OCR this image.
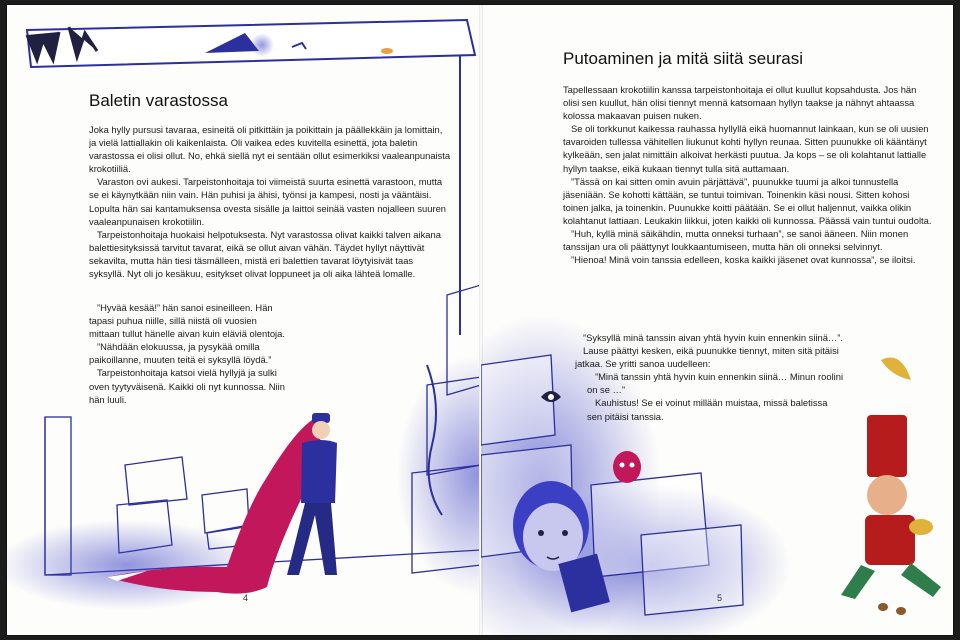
Baletin varastossa

Joka hylly pursusi tavaraa, esineitä oli pitkittäin ja poikittain ja päällekkäin ja lomittain, ja vielä lattiallakin oli kaikenlaista. Oli vaikea edes kuvitella esinettä, jota baletin varastossa ei olisi ollut. No, ehkä siellä nyt ei sentään ollut esimerkiksi vaaleanpunaista krokotiiliä.

Varaston ovi aukesi. Tarpeistonhoitaja toi viimeistä suurta esinettä varastoon, mutta se ei käynytkään niin vain. Hän puhisi ja ähisi, työnsi ja kampesi, nosti ja vääntäisi. Lopulta hän sai kantamuksensa ovesta sisälle ja laittoi seinää vasten nojalleen suuren vaaleanpunaisen krokotiilin.

Tarpeistonhoitaja huokaisi helpotuksesta. Nyt varastossa olivat kaikki talven aikana balettiesityksissä tarvitut tavarat, eikä se ollut aivan vähän. Täydet hyllyt näyttivät sekavilta, mutta hän tiesi täsmälleen, mistä eri balettien tavarat löytyisivät taas syksyllä. Nyt oli jo kesäkuu, esitykset olivat loppuneet ja oli aika lähteä lomalle.

”Hyvää kesää!” hän sanoi esineilleen. Hän tapasi puhua niille, sillä niistä oli vuosien mittaan tullut hänelle aivan kuin eläviä olentoja.

”Nähdään elokuussa, ja pysykää omilla paikoillanne, muuten teitä ei syksyllä löydä.”

Tarpeistonhoitaja katsoi vielä hyllyjä ja sulki oven tyytyväisenä. Kaikki oli nyt kunnossa. Niin hän luuli.

4
Putoaminen ja mitä siitä seurasi

Tapellessaan krokotiilin kanssa tarpeistonhoitaja ei ollut kuullut kopsahdusta. Jos hän olisi sen kuullut, hän olisi tiennyt mennä katsomaan hyllyn taakse ja nähnyt ahtaassa kolossa makaavan puisen nuken.

Se oli torkkunut kaikessa rauhassa hyllyllä eikä huomannut lainkaan, kun se oli uusien tavaroiden tullessa vähitellen liukunut kohti hyllyn reunaa. Sitten puunukke oli kääntänyt kylkeään, sen jalat nimittäin alkoivat herkästi puutua. Ja kops – se oli kolahtanut lattialle hyllyn taakse, eikä kukaan tiennyt tulla sitä auttamaan.

”Tässä on kai sitten omin avuin pärjättävä”, puunukke tuumi ja alkoi tunnustella jäseniään. Se kohotti kättään, se tuntui toimivan. Toinenkin käsi nousi. Sitten kohosi toinen jalka, ja toinenkin. Puunukke koitti päätään. Se ei ollut haljennut, vaikka olikin kolahtanut lattiaan. Leukakin liikkui, joten kaikki oli kunnossa. Päässä vain tuntui oudolta.

”Huh, kyllä minä säikähdin, mutta onneksi turhaan”, se sanoi ääneen. Niin monen tanssijan ura oli päättynyt loukkaantumiseen, mutta hän oli onneksi selvinnyt.

”Hienoa! Minä voin tanssia edelleen, koska kaikki jäsenet ovat kunnossa”, se iloitsi.

”Syksyllä minä tanssin aivan yhtä hyvin kuin ennenkin siinä…”.

Lause päättyi kesken, eikä puunukke tiennyt, miten sitä pitäisi jatkaa. Se yritti sanoa uudelleen:

”Minä tanssin yhtä hyvin kuin ennenkin siinä… Minun roolini on se …”

Kauhistus! Se ei voinut millään muistaa, missä baletissa sen pitäisi tanssia.

5
